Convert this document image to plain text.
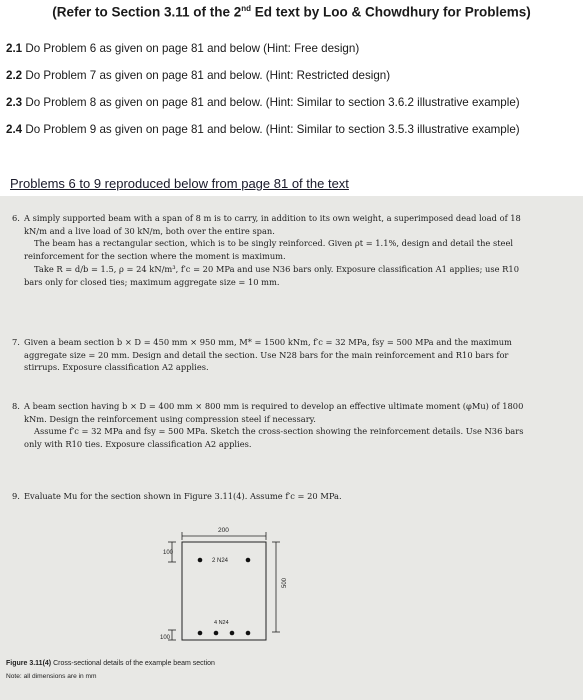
(Refer to Section 3.11 of the 2nd Ed text by Loo & Chowdhury for Problems)
2.1 Do Problem 6 as given on page 81 and below (Hint: Free design)
2.2 Do Problem 7 as given on page 81 and below. (Hint: Restricted design)
2.3 Do Problem 8 as given on page 81 and below. (Hint: Similar to section 3.6.2 illustrative example)
2.4 Do Problem 9 as given on page 81 and below. (Hint: Similar to section 3.5.3 illustrative example)
Problems 6 to 9 reproduced below from page 81 of the text
6. A simply supported beam with a span of 8 m is to carry, in addition to its own weight, a superimposed dead load of 18 kN/m and a live load of 30 kN/m, both over the entire span.

The beam has a rectangular section, which is to be singly reinforced. Given ρt = 1.1%, design and detail the steel reinforcement for the section where the moment is maximum.

Take R = d/b = 1.5, ρ = 24 kN/m³, f′c = 20 MPa and use N36 bars only. Exposure classification A1 applies; use R10 bars only for closed ties; maximum aggregate size = 10 mm.

7. Given a beam section b × D = 450 mm × 950 mm, M* = 1500 kNm, f′c = 32 MPa, fsy = 500 MPa and the maximum aggregate size = 20 mm. Design and detail the section. Use N28 bars for the main reinforcement and R10 bars for stirrups. Exposure classification A2 applies.

8. A beam section having b × D = 400 mm × 800 mm is required to develop an effective ultimate moment (φMu) of 1800 kNm. Design the reinforcement using compression steel if necessary.

Assume f′c = 32 MPa and fsy = 500 MPa. Sketch the cross-section showing the reinforcement details. Use N36 bars only with R10 ties. Exposure classification A2 applies.

9. Evaluate Mu for the section shown in Figure 3.11(4). Assume f′c = 20 MPa.

200
100
2 N24
4 N24
100
500
Figure 3.11(4) Cross-sectional details of the example beam section
Note: all dimensions are in mm
